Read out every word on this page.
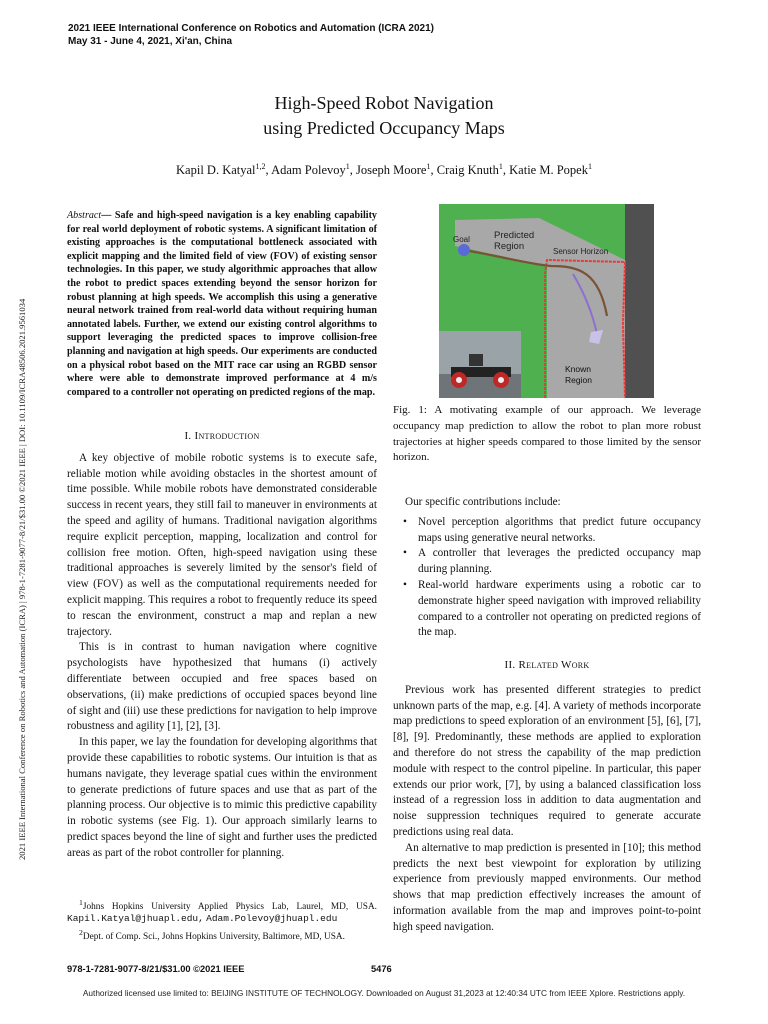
2021 IEEE International Conference on Robotics and Automation (ICRA 2021)
May 31 - June 4, 2021, Xi'an, China
2021 IEEE International Conference on Robotics and Automation (ICRA) | 978-1-7281-9077-8/21/$31.00 ©2021 IEEE | DOI: 10.1109/ICRA48506.2021.9561034
High-Speed Robot Navigation
using Predicted Occupancy Maps
Kapil D. Katyal$^{1,2}$, Adam Polevoy$^1$, Joseph Moore$^1$, Craig Knuth$^1$, Katie M. Popek$^1$
Abstract— Safe and high-speed navigation is a key enabling capability for real world deployment of robotic systems. A significant limitation of existing approaches is the computational bottleneck associated with explicit mapping and the limited field of view (FOV) of existing sensor technologies. In this paper, we study algorithmic approaches that allow the robot to predict spaces extending beyond the sensor horizon for robust planning at high speeds. We accomplish this using a generative neural network trained from real-world data without requiring human annotated labels. Further, we extend our existing control algorithms to support leveraging the predicted spaces to improve collision-free planning and navigation at high speeds. Our experiments are conducted on a physical robot based on the MIT race car using an RGBD sensor where were able to demonstrate improved performance at 4 m/s compared to a controller not operating on predicted regions of the map.
I. Introduction

A key objective of mobile robotic systems is to execute safe, reliable motion while avoiding obstacles in the shortest amount of time possible. While mobile robots have demonstrated considerable success in recent years, they still fail to maneuver in environments at the speed and agility of humans. Traditional navigation algorithms require explicit perception, mapping, localization and control for collision free motion. Often, high-speed navigation using these traditional approaches is severely limited by the sensor's field of view (FOV) as well as the computational requirements needed for explicit mapping. This requires a robot to frequently reduce its speed to rescan the environment, construct a map and replan a new trajectory.

This is in contrast to human navigation where cognitive psychologists have hypothesized that humans (i) actively differentiate between occupied and free spaces based on observations, (ii) make predictions of occupied spaces beyond line of sight and (iii) use these predictions for navigation to help improve robustness and agility [1], [2], [3].

In this paper, we lay the foundation for developing algorithms that provide these capabilities to robotic systems. Our intuition is that as humans navigate, they leverage spatial cues within the environment to generate predictions of future spaces and use that as part of the planning process. Our objective is to mimic this predictive capability in robotic systems (see Fig. 1). Our approach similarly learns to predict spaces beyond the line of sight and further uses the predicted areas as part of the robot controller for planning.

$^1$Johns Hopkins University Applied Physics Lab, Laurel, MD, USA. Kapil.Katyal@jhuapl.edu, Adam.Polevoy@jhuapl.edu
$^2$Dept. of Comp. Sci., Johns Hopkins University, Baltimore, MD, USA.
Goal	Predicted
Region	Sensor Horizon
Known
Region
Fig. 1: A motivating example of our approach. We leverage occupancy map prediction to allow the robot to plan more robust trajectories at higher speeds compared to those limited by the sensor horizon.

Our specific contributions include:

• Novel perception algorithms that predict future occupancy maps using generative neural networks.
• A controller that leverages the predicted occupancy map during planning.
• Real-world hardware experiments using a robotic car to demonstrate higher speed navigation with improved reliability compared to a controller not operating on predicted regions of the map.
II. Related Work

Previous work has presented different strategies to predict unknown parts of the map, e.g. [4]. A variety of methods incorporate map predictions to speed exploration of an environment [5], [6], [7], [8], [9]. Predominantly, these methods are applied to exploration and therefore do not stress the capability of the map prediction module with respect to the control pipeline. In particular, this paper extends our prior work, [7], by using a balanced classification loss instead of a regression loss in addition to data augmentation and noise suppression techniques required to generate accurate predictions using real data.

An alternative to map prediction is presented in [10]; this method predicts the next best viewpoint for exploration by utilizing experience from previously mapped environments. Our method shows that map prediction effectively increases the amount of information available from the map and improves point-to-point high speed navigation.

978-1-7281-9077-8/21/$31.00 ©2021 IEEE	5476
Authorized licensed use limited to: BEIJING INSTITUTE OF TECHNOLOGY. Downloaded on August 31,2023 at 12:40:34 UTC from IEEE Xplore. Restrictions apply.
